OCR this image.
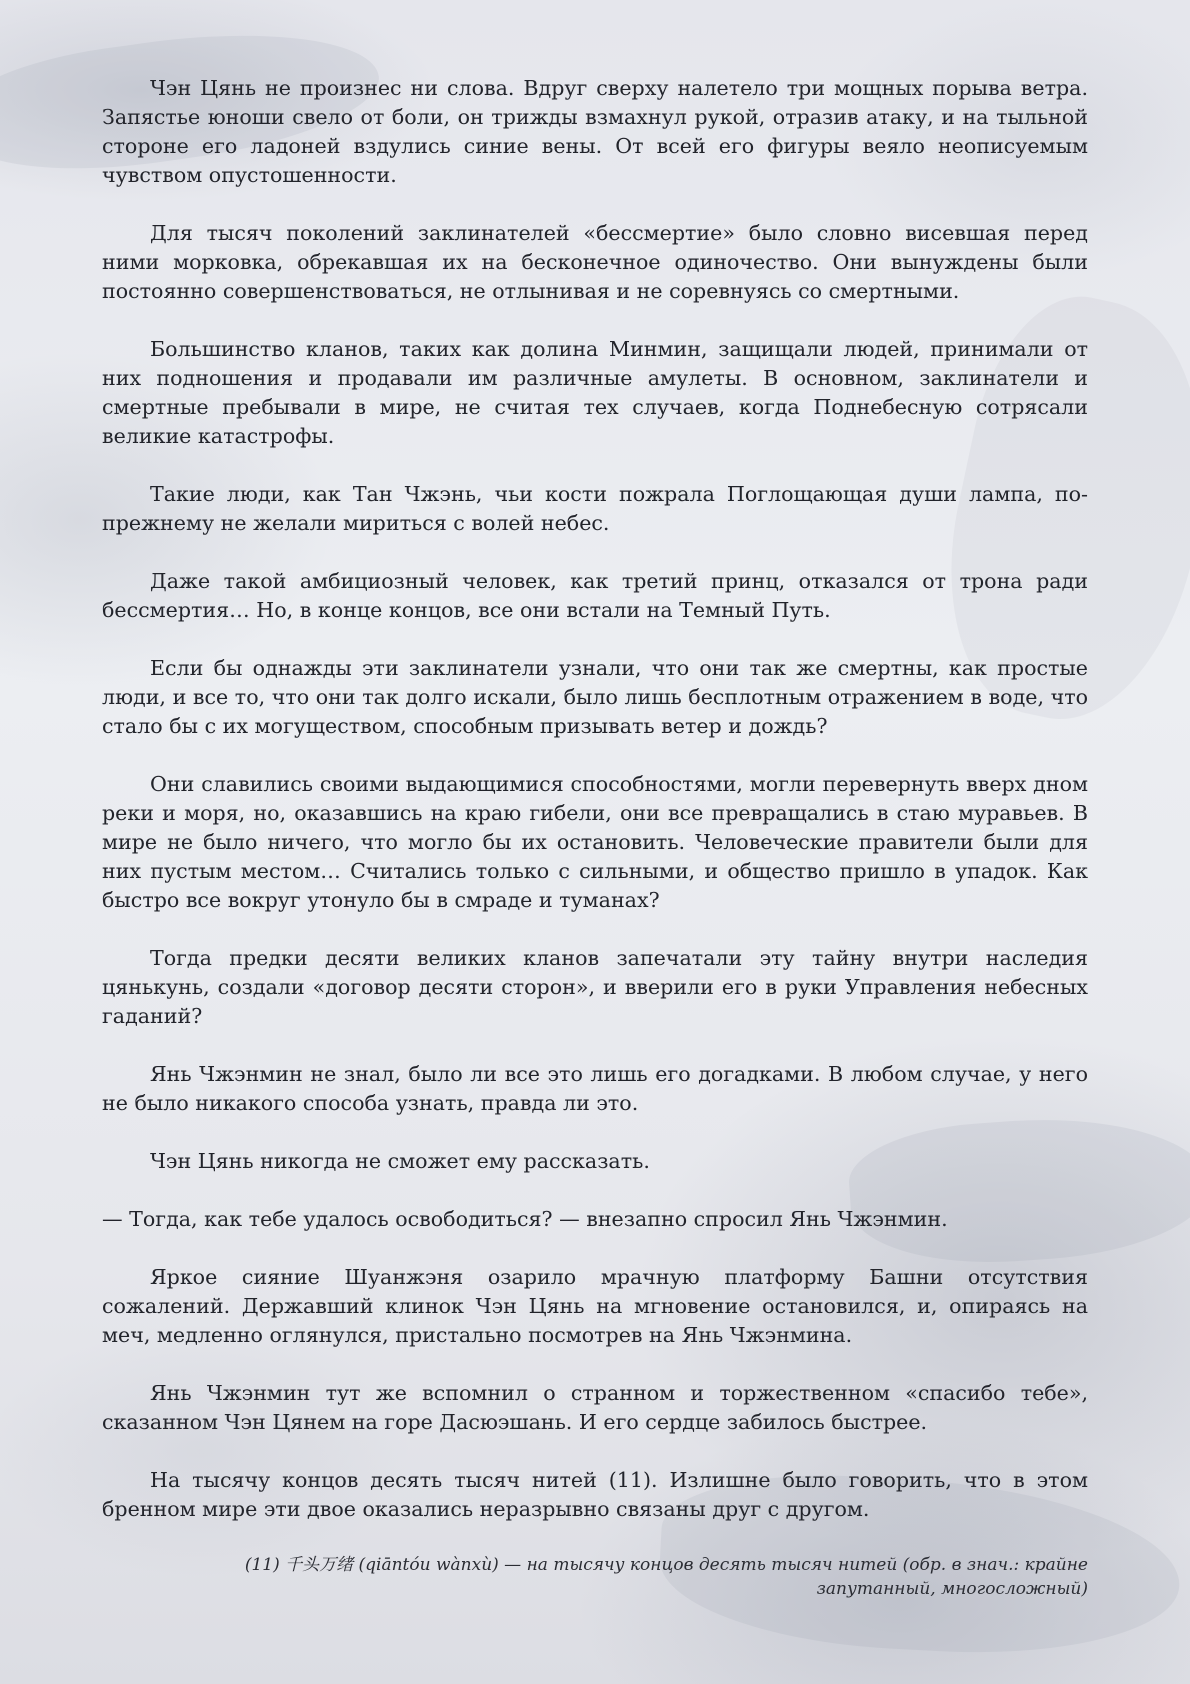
Чэн Цянь не произнес ни слова. Вдруг сверху налетело три мощных порыва ветра. Запястье юноши свело от боли, он трижды взмахнул рукой, отразив атаку, и на тыльной стороне его ладоней вздулись синие вены. От всей его фигуры веяло неописуемым чувством опустошенности.

Для тысяч поколений заклинателей «бессмертие» было словно висевшая перед ними морковка, обрекавшая их на бесконечное одиночество. Они вынуждены были постоянно совершенствоваться, не отлынивая и не соревнуясь со смертными.

Большинство кланов, таких как долина Минмин, защищали людей, принимали от них подношения и продавали им различные амулеты. В основном, заклинатели и смертные пребывали в мире, не считая тех случаев, когда Поднебесную сотрясали великие катастрофы.

Такие люди, как Тан Чжэнь, чьи кости пожрала Поглощающая души лампа, по-прежнему не желали мириться с волей небес.

Даже такой амбициозный человек, как третий принц, отказался от трона ради бессмертия… Но, в конце концов, все они встали на Темный Путь.

Если бы однажды эти заклинатели узнали, что они так же смертны, как простые люди, и все то, что они так долго искали, было лишь бесплотным отражением в воде, что стало бы с их могуществом, способным призывать ветер и дождь?

Они славились своими выдающимися способностями, могли перевернуть вверх дном реки и моря, но, оказавшись на краю гибели, они все превращались в стаю муравьев. В мире не было ничего, что могло бы их остановить. Человеческие правители были для них пустым местом… Считались только с сильными, и общество пришло в упадок. Как быстро все вокруг утонуло бы в смраде и туманах?

Тогда предки десяти великих кланов запечатали эту тайну внутри наследия цянькунь, создали «договор десяти сторон», и вверили его в руки Управления небесных гаданий?

Янь Чжэнмин не знал, было ли все это лишь его догадками. В любом случае, у него не было никакого способа узнать, правда ли это.

Чэн Цянь никогда не сможет ему рассказать.

— Тогда, как тебе удалось освободиться? — внезапно спросил Янь Чжэнмин.

Яркое сияние Шуанжэня озарило мрачную платформу Башни отсутствия сожалений. Державший клинок Чэн Цянь на мгновение остановился, и, опираясь на меч, медленно оглянулся, пристально посмотрев на Янь Чжэнмина.

Янь Чжэнмин тут же вспомнил о странном и торжественном «спасибо тебе», сказанном Чэн Цянем на горе Дасюэшань. И его сердце забилось быстрее.

На тысячу концов десять тысяч нитей (11). Излишне было говорить, что в этом бренном мире эти двое оказались неразрывно связаны друг с другом.

(11) 千头万绪 (qiāntóu wànxù) — на тысячу концов десять тысяч нитей (обр. в знач.: крайне запутанный, многосложный)
